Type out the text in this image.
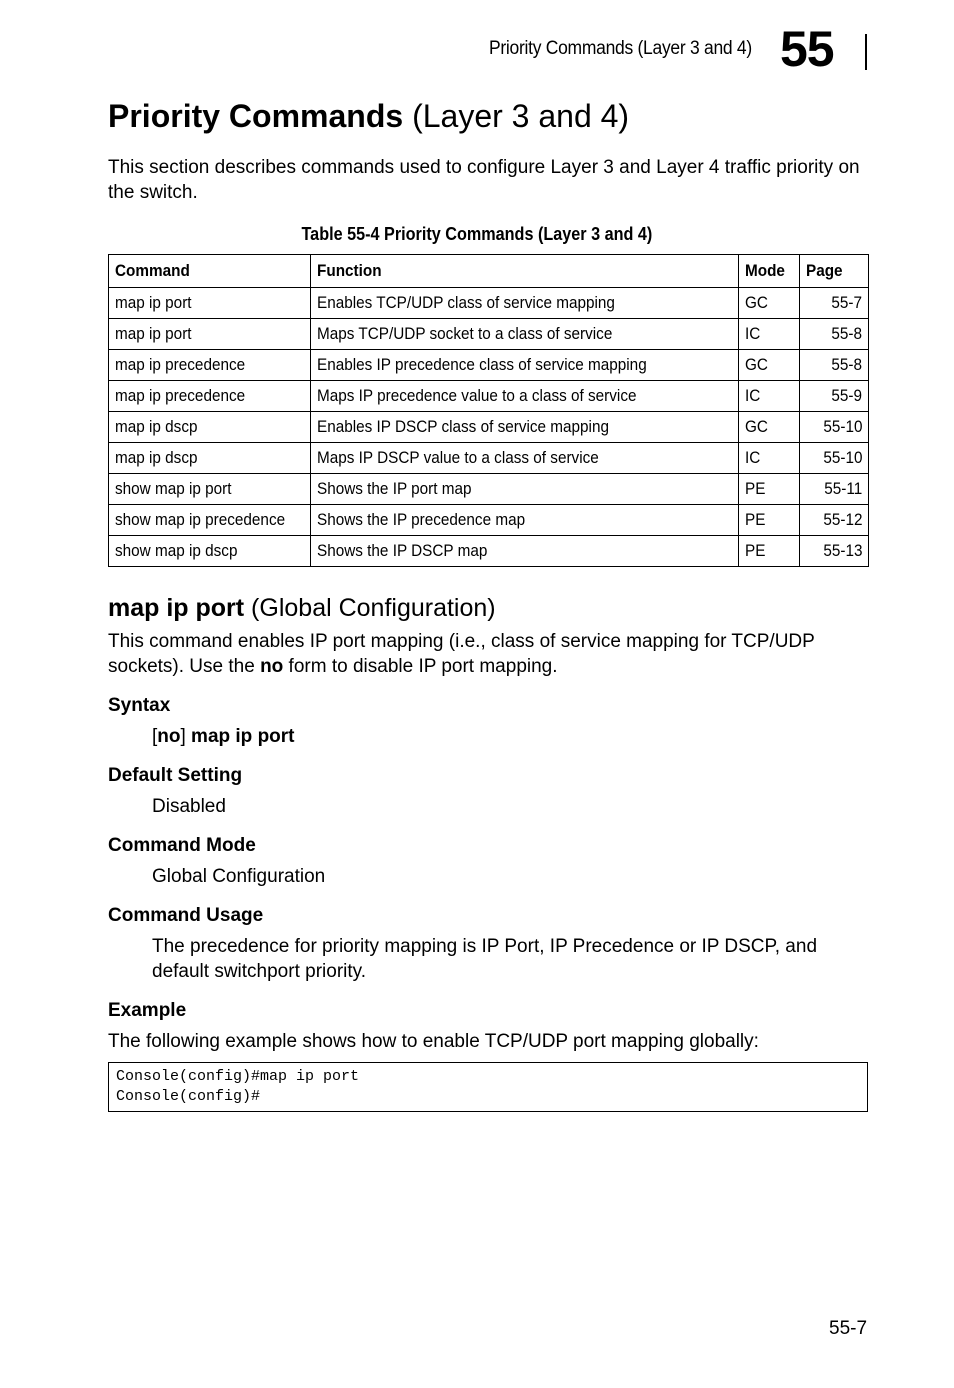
Priority Commands (Layer 3 and 4) 55
Priority Commands (Layer 3 and 4)

This section describes commands used to configure Layer 3 and Layer 4 traffic priority on the switch.

Table 55-4 Priority Commands (Layer 3 and 4)
Command	Function	Mode	Page
map ip port	Enables TCP/UDP class of service mapping	GC	55-7
map ip port	Maps TCP/UDP socket to a class of service	IC	55-8
map ip precedence	Enables IP precedence class of service mapping	GC	55-8
map ip precedence	Maps IP precedence value to a class of service	IC	55-9
map ip dscp	Enables IP DSCP class of service mapping	GC	55-10
map ip dscp	Maps IP DSCP value to a class of service	IC	55-10
show map ip port	Shows the IP port map	PE	55-11
show map ip precedence	Shows the IP precedence map	PE	55-12
show map ip dscp	Shows the IP DSCP map	PE	55-13
map ip port (Global Configuration)

This command enables IP port mapping (i.e., class of service mapping for TCP/UDP sockets). Use the no form to disable IP port mapping.

Syntax

[no] map ip port

Default Setting

Disabled

Command Mode

Global Configuration

Command Usage

The precedence for priority mapping is IP Port, IP Precedence or IP DSCP, and default switchport priority.

Example

The following example shows how to enable TCP/UDP port mapping globally:

Console(config)#map ip port
Console(config)#
55-7
